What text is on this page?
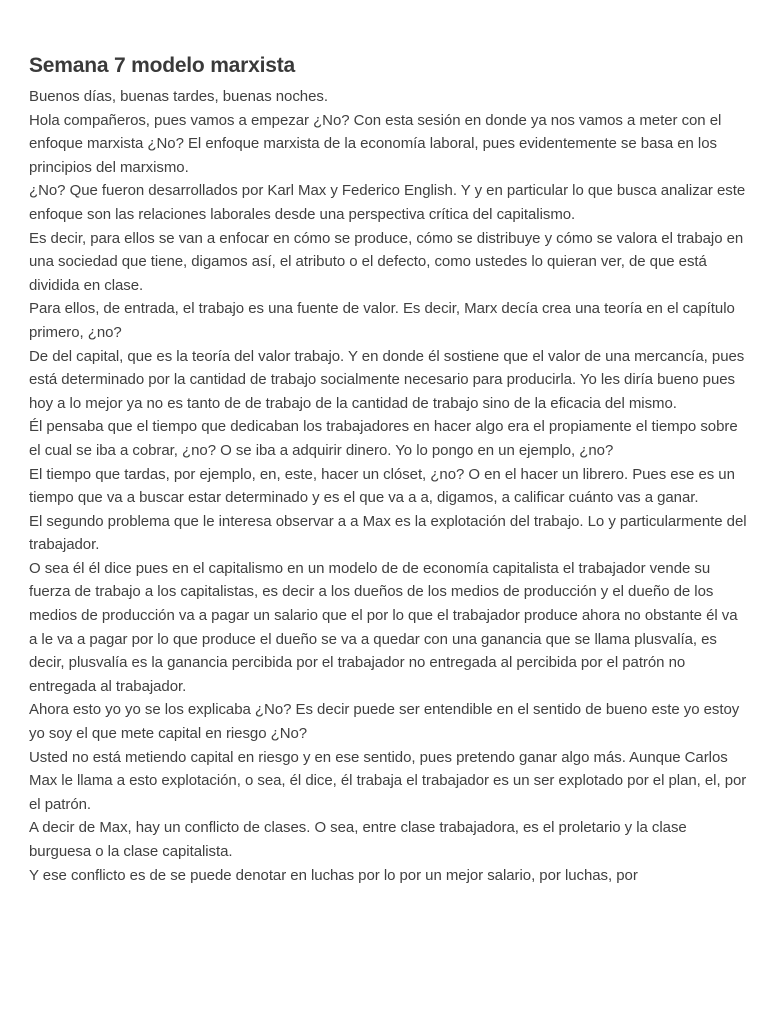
Semana 7 modelo marxista

Buenos días, buenas tardes, buenas noches.

Hola compañeros, pues vamos a empezar ¿No? Con esta sesión en donde ya nos vamos a meter con el enfoque marxista ¿No? El enfoque marxista de la economía laboral, pues evidentemente se basa en los principios del marxismo.

¿No? Que fueron desarrollados por Karl Max y Federico English. Y y en particular lo que busca analizar este enfoque son las relaciones laborales desde una perspectiva crítica del capitalismo.

Es decir, para ellos se van a enfocar en cómo se produce, cómo se distribuye y cómo se valora el trabajo en una sociedad que tiene, digamos así, el atributo o el defecto, como ustedes lo quieran ver, de que está dividida en clase.

Para ellos, de entrada, el trabajo es una fuente de valor. Es decir, Marx decía crea una teoría en el capítulo primero, ¿no?

De del capital, que es la teoría del valor trabajo. Y en donde él sostiene que el valor de una mercancía, pues está determinado por la cantidad de trabajo socialmente necesario para producirla. Yo les diría bueno pues hoy a lo mejor ya no es tanto de de trabajo de la cantidad de trabajo sino de la eficacia del mismo.

Él pensaba que el tiempo que dedicaban los trabajadores en hacer algo era el propiamente el tiempo sobre el cual se iba a cobrar, ¿no? O se iba a adquirir dinero. Yo lo pongo en un ejemplo, ¿no?

El tiempo que tardas, por ejemplo, en, este, hacer un clóset, ¿no? O en el hacer un librero. Pues ese es un tiempo que va a buscar estar determinado y es el que va a a, digamos, a calificar cuánto vas a ganar.

El segundo problema que le interesa observar a a Max es la explotación del trabajo. Lo y particularmente del trabajador.

O sea él él dice pues en el capitalismo en un modelo de de economía capitalista el trabajador vende su fuerza de trabajo a los capitalistas, es decir a los dueños de los medios de producción y el dueño de los medios de producción va a pagar un salario que el por lo que el trabajador produce ahora no obstante él va a le va a pagar por lo que produce el dueño se va a quedar con una ganancia que se llama plusvalía, es decir, plusvalía es la ganancia percibida por el trabajador no entregada al percibida por el patrón no entregada al trabajador.

Ahora esto yo yo se los explicaba ¿No? Es decir puede ser entendible en el sentido de bueno este yo estoy yo soy el que mete capital en riesgo ¿No?

Usted no está metiendo capital en riesgo y en ese sentido, pues pretendo ganar algo más. Aunque Carlos Max le llama a esto explotación, o sea, él dice, él trabaja el trabajador es un ser explotado por el plan, el, por el patrón.

A decir de Max, hay un conflicto de clases. O sea, entre clase trabajadora, es el proletario y la clase burguesa o la clase capitalista.

Y ese conflicto es de se puede denotar en luchas por lo por un mejor salario, por luchas, por
